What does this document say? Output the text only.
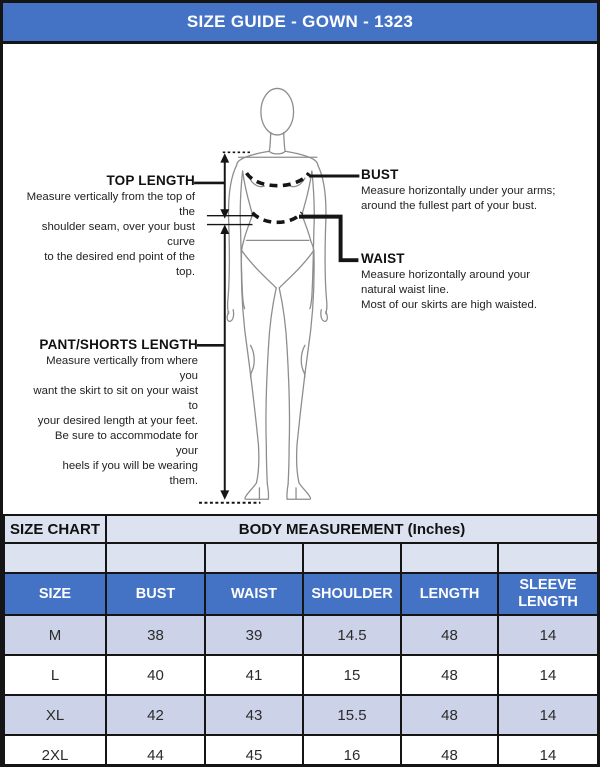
SIZE GUIDE - GOWN - 1323
TOP LENGTH
Measure vertically from the top of the
shoulder seam, over your bust curve
to the desired end point of the top.
BUST
Measure horizontally under your arms;
around the fullest part of your bust.
WAIST
Measure horizontally around your
natural waist line.
Most of our skirts are high waisted.
PANT/SHORTS LENGTH
Measure vertically from where you
want the skirt to sit on your waist to
your desired length at your feet.
Be sure to accommodate for your
heels if you will be wearing them.
SIZE CHART	BODY MEASUREMENT (Inches)				

SIZE	BUST	WAIST	SHOULDER	LENGTH	SLEEVE LENGTH
M	38	39	14.5	48	14
L	40	41	15	48	14
XL	42	43	15.5	48	14
2XL	44	45	16	48	14
